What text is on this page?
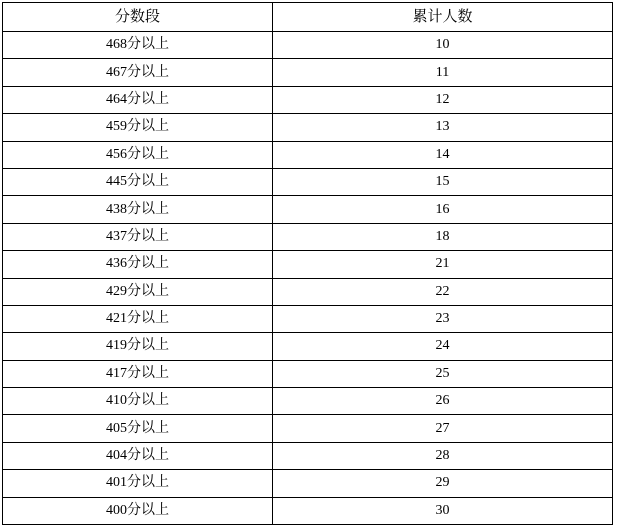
分数段	累计人数
468分以上	10
467分以上	11
464分以上	12
459分以上	13
456分以上	14
445分以上	15
438分以上	16
437分以上	18
436分以上	21
429分以上	22
421分以上	23
419分以上	24
417分以上	25
410分以上	26
405分以上	27
404分以上	28
401分以上	29
400分以上	30
